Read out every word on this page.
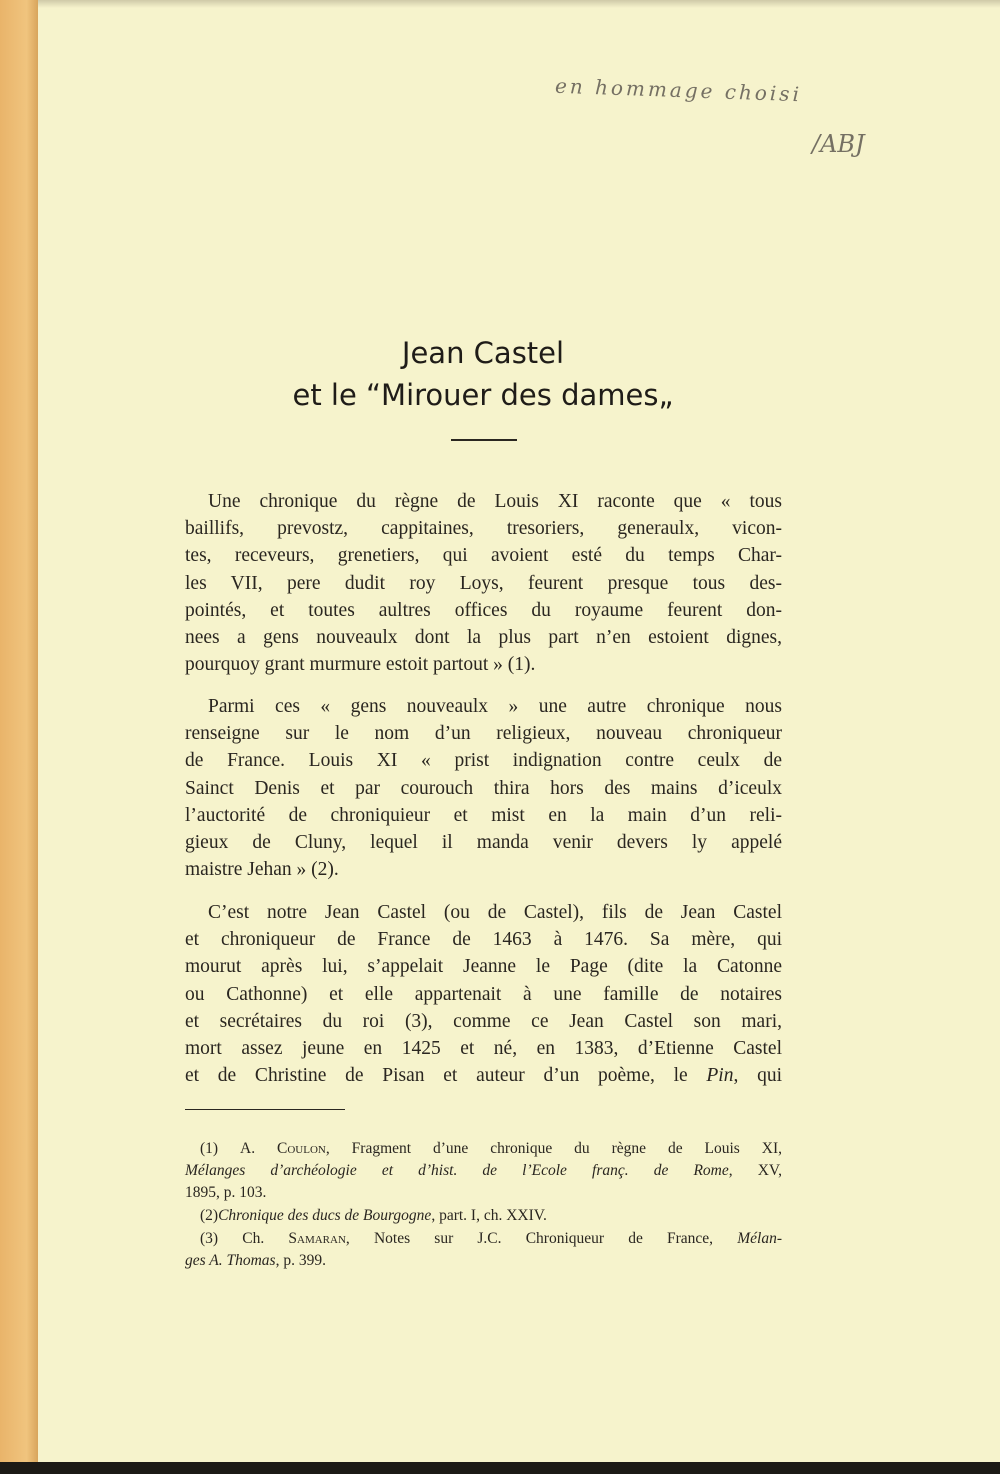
en hommage choisi
/ABJ
Jean Castel
et le “Mirouer des dames„
Une chronique du règne de Louis XI raconte que « tous
baillifs, prevostz, cappitaines, tresoriers, generaulx, vicon-
tes, receveurs, grenetiers, qui avoient esté du temps Char-
les VII, pere dudit roy Loys, feurent presque tous des-
pointés, et toutes aultres offices du royaume feurent don-
nees a gens nouveaulx dont la plus part n’en estoient dignes,
pourquoy grant murmure estoit partout » (1).
Parmi ces « gens nouveaulx » une autre chronique nous
renseigne sur le nom d’un religieux, nouveau chroniqueur
de France. Louis XI « prist indignation contre ceulx de
Sainct Denis et par courouch thira hors des mains d’iceulx
l’auctorité de chroniquieur et mist en la main d’un reli-
gieux de Cluny, lequel il manda venir devers ly appelé
maistre Jehan » (2).
C’est notre Jean Castel (ou de Castel), fils de Jean Castel
et chroniqueur de France de 1463 à 1476. Sa mère, qui
mourut après lui, s’appelait Jeanne le Page (dite la Catonne
ou Cathonne) et elle appartenait à une famille de notaires
et secrétaires du roi (3), comme ce Jean Castel son mari,
mort assez jeune en 1425 et né, en 1383, d’Etienne Castel
et de Christine de Pisan et auteur d’un poème, le Pin, qui
(1) A. Coulon, Fragment d’une chronique du règne de Louis XI,
Mélanges d’archéologie et d’hist. de l’Ecole franç. de Rome, XV,
1895, p. 103.
(2)Chronique des ducs de Bourgogne, part. I, ch. XXIV.
(3) Ch. Samaran, Notes sur J.C. Chroniqueur de France, Mélan-
ges A. Thomas, p. 399.
